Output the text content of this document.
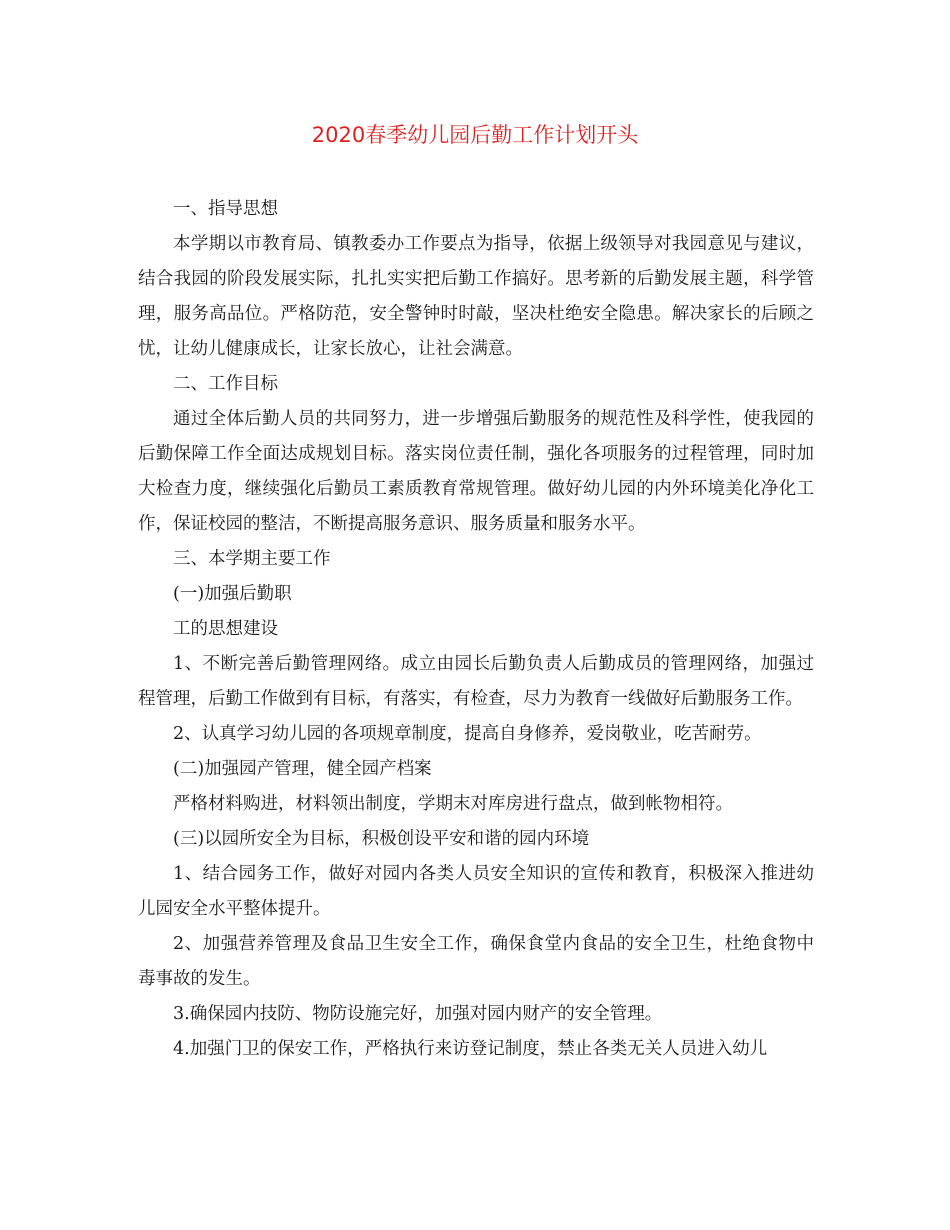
2020春季幼儿园后勤工作计划开头

一、指导思想

本学期以市教育局、镇教委办工作要点为指导，依据上级领导对我园意见与建议，结合我园的阶段发展实际，扎扎实实把后勤工作搞好。思考新的后勤发展主题，科学管理，服务高品位。严格防范，安全警钟时时敲，坚决杜绝安全隐患。解决家长的后顾之忧，让幼儿健康成长，让家长放心，让社会满意。

二、工作目标

通过全体后勤人员的共同努力，进一步增强后勤服务的规范性及科学性，使我园的后勤保障工作全面达成规划目标。落实岗位责任制，强化各项服务的过程管理，同时加大检查力度，继续强化后勤员工素质教育常规管理。做好幼儿园的内外环境美化净化工作，保证校园的整洁，不断提高服务意识、服务质量和服务水平。

三、本学期主要工作

(一)加强后勤职

工的思想建设

1、不断完善后勤管理网络。成立由园长后勤负责人后勤成员的管理网络，加强过程管理，后勤工作做到有目标，有落实，有检查，尽力为教育一线做好后勤服务工作。

2、认真学习幼儿园的各项规章制度，提高自身修养，爱岗敬业，吃苦耐劳。

(二)加强园产管理，健全园产档案

严格材料购进，材料领出制度，学期末对库房进行盘点，做到帐物相符。

(三)以园所安全为目标，积极创设平安和谐的园内环境

1、结合园务工作，做好对园内各类人员安全知识的宣传和教育，积极深入推进幼儿园安全水平整体提升。

2、加强营养管理及食品卫生安全工作，确保食堂内食品的安全卫生，杜绝食物中毒事故的发生。

3.确保园内技防、物防设施完好，加强对园内财产的安全管理。

4.加强门卫的保安工作，严格执行来访登记制度，禁止各类无关人员进入幼儿
